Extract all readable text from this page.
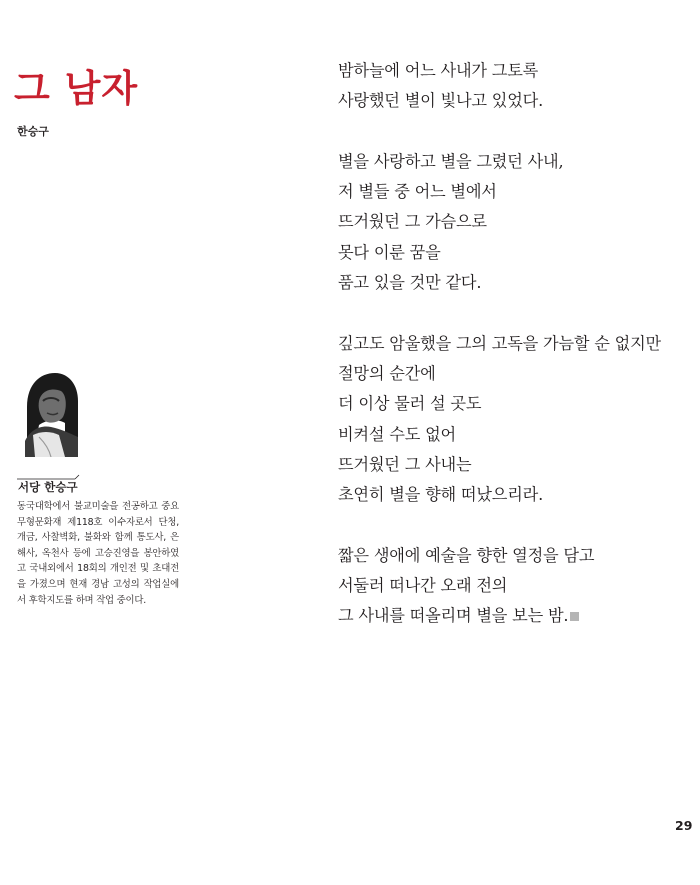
그 남자
한승구
서당 한승구

동국대학에서 불교미술을 전공하고 중요무형문화재 제118호 이수자로서 단청, 개금, 사찰벽화, 불화와 함께 통도사, 은해사, 옥천사 등에 고승진영을 봉안하였고 국내외에서 18회의 개인전 및 초대전을 가졌으며 현재 경남 고성의 작업실에서 후학지도를 하며 작업 중이다.

밤하늘에 어느 사내가 그토록
사랑했던 별이 빛나고 있었다.
별을 사랑하고 별을 그렸던 사내,
저 별들 중 어느 별에서
뜨거웠던 그 가슴으로
못다 이룬 꿈을
품고 있을 것만 같다.
깊고도 암울했을 그의 고독을 가늠할 순 없지만
절망의 순간에
더 이상 물러 설 곳도
비켜설 수도 없어
뜨거웠던 그 사내는
초연히 별을 향해 떠났으리라.
짧은 생애에 예술을 향한 열정을 담고
서둘러 떠나간 오래 전의
그 사내를 떠올리며 별을 보는 밤.
29
